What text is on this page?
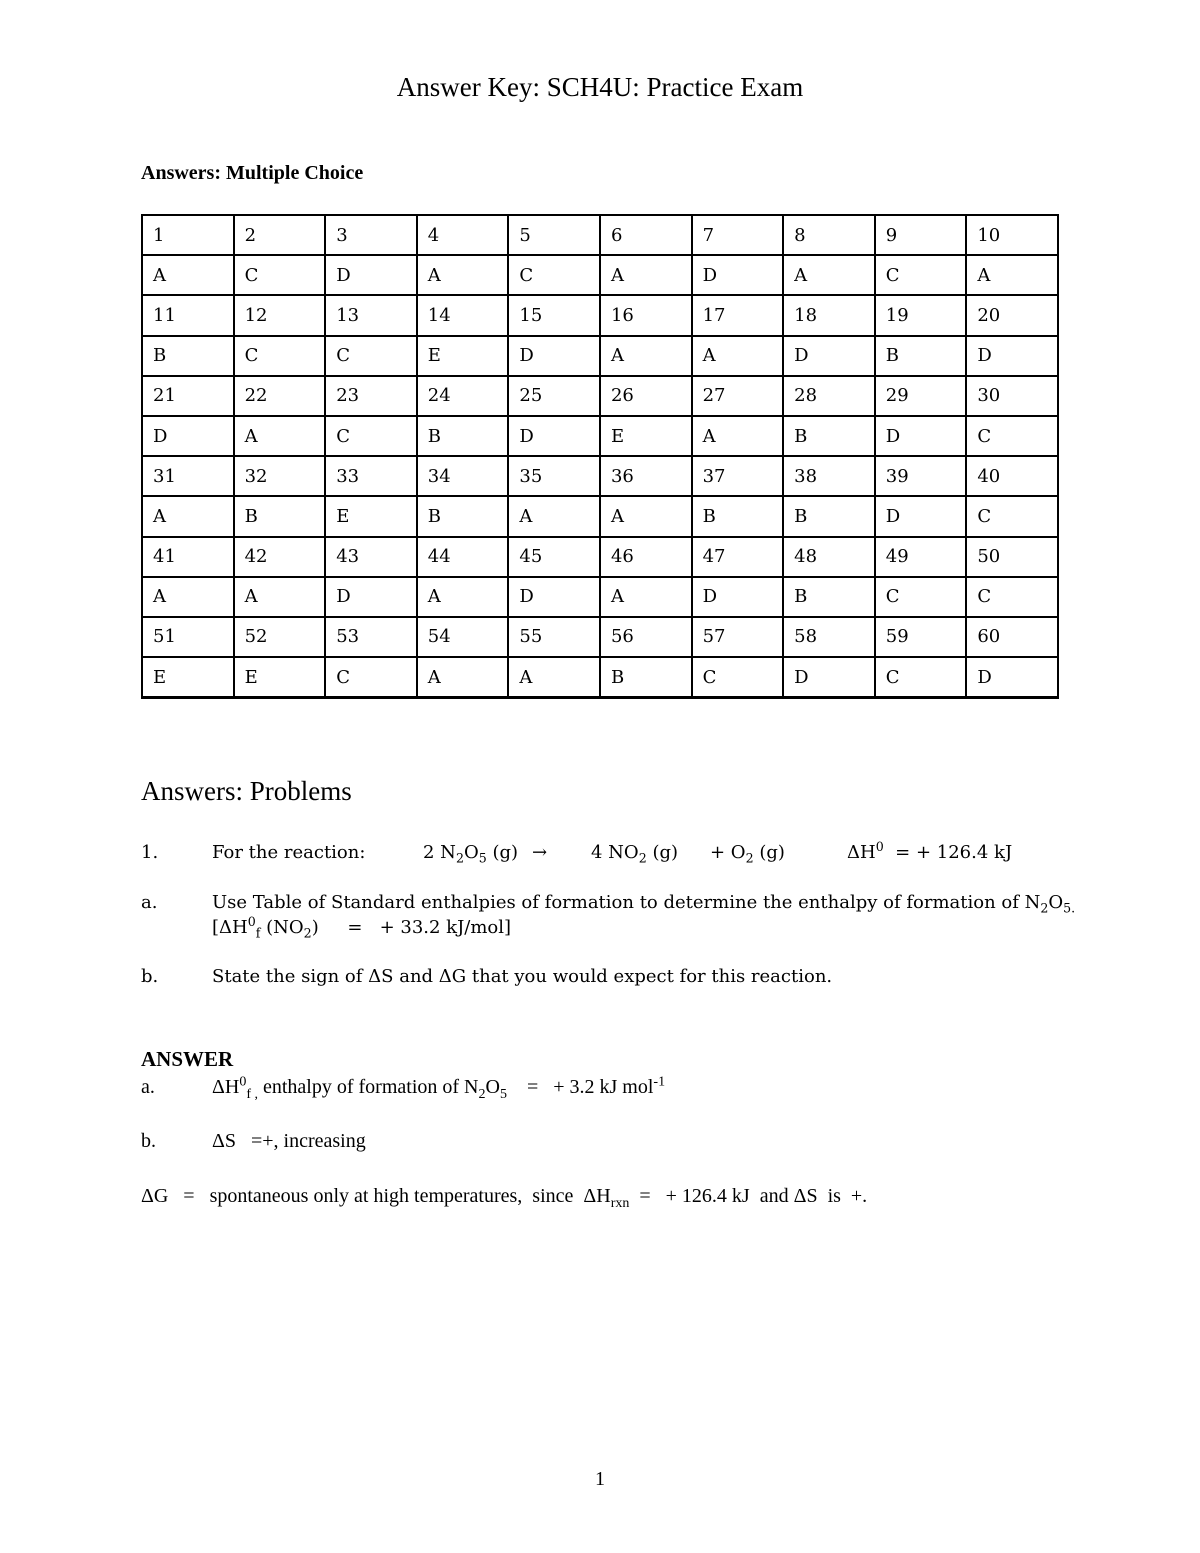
Answer Key: SCH4U: Practice Exam
Answers: Multiple Choice
1	2	3	4	5	6	7	8	9	10
A	C	D	A	C	A	D	A	C	A
11	12	13	14	15	16	17	18	19	20
B	C	C	E	D	A	A	D	B	D
21	22	23	24	25	26	27	28	29	30
D	A	C	B	D	E	A	B	D	C
31	32	33	34	35	36	37	38	39	40
A	B	E	B	A	A	B	B	D	C
41	42	43	44	45	46	47	48	49	50
A	A	D	A	D	A	D	B	C	C
51	52	53	54	55	56	57	58	59	60
E	E	C	A	A	B	C	D	C	D
Answers: Problems
1.	For the reaction:	2 $N_2O_5$ (g) → 4 $NO_2$ $(g) + O_2$ (g)	$\Delta H^0$ = + 126.4 kJ
a.	Use Table of Standard enthalpies of formation to determine the enthalpy of formation of $N_2O_{5.}$
[$\Delta H^0_f$ $(NO_2)$     =   + 33.2 kJ/mol]
b.	State the sign of ΔS and ΔG that you would expect for this reaction.
ANSWER
a.	$\Delta H^0_{f ,}$ enthalpy of formation of $N_2O_5$ =   + 3.2 kJ mol$^{-1}$
b.	ΔS   =+, increasing
ΔG   =   spontaneous only at high temperatures,  since  $\Delta H_{rxn}$ =   + 126.4 kJ  and ΔS  is  +.
1
